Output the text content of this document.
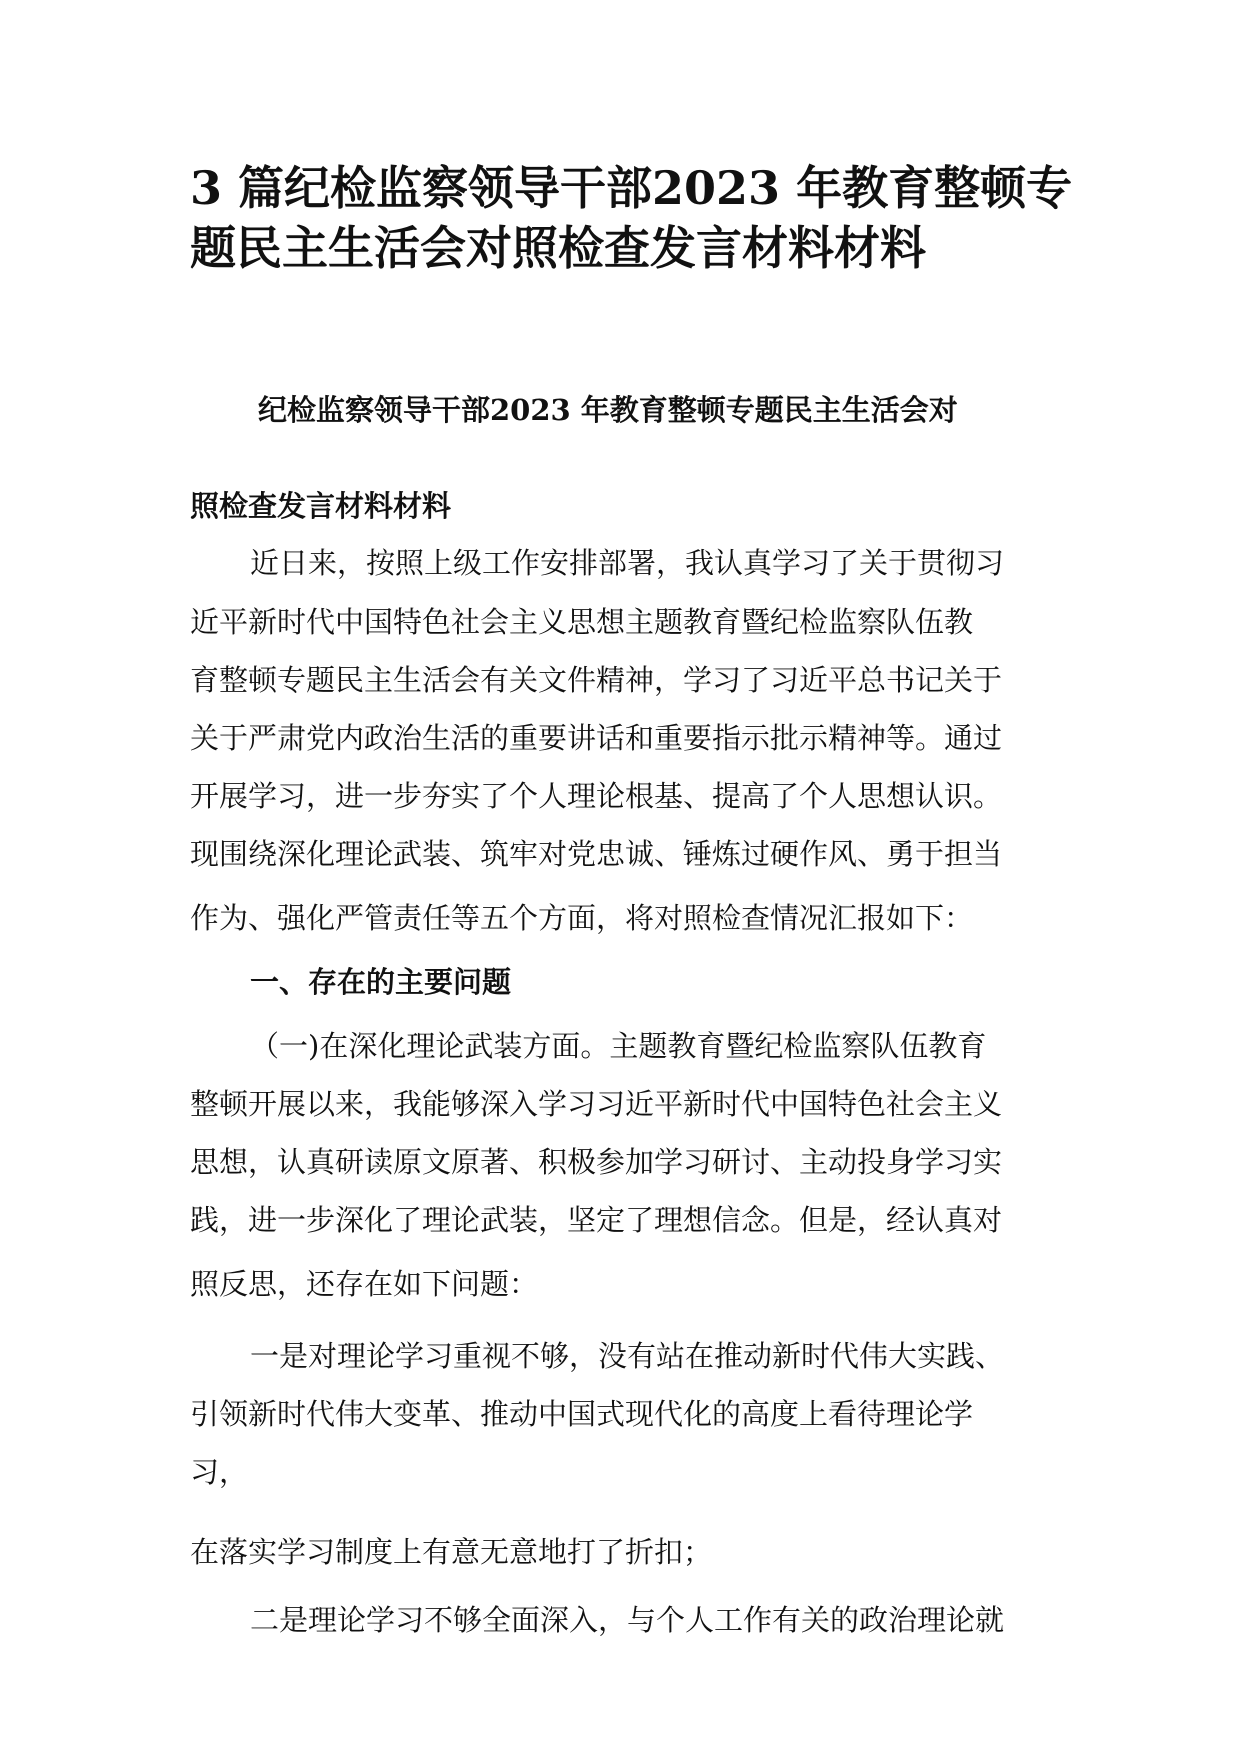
3 篇纪检监察领导干部2023 年教育整顿专
题民主生活会对照检查发言材料材料

纪检监察领导干部2023 年教育整顿专题民主生活会对

照检查发言材料材料

近日来，按照上级工作安排部署，我认真学习了关于贯彻习

近平新时代中国特色社会主义思想主题教育暨纪检监察队伍教

育整顿专题民主生活会有关文件精神，学习了习近平总书记关于

关于严肃党内政治生活的重要讲话和重要指示批示精神等。通过

开展学习，进一步夯实了个人理论根基、提高了个人思想认识。

现围绕深化理论武装、筑牢对党忠诚、锤炼过硬作风、勇于担当

作为、强化严管责任等五个方面，将对照检查情况汇报如下：

一、存在的主要问题

（一)在深化理论武装方面。主题教育暨纪检监察队伍教育

整顿开展以来，我能够深入学习习近平新时代中国特色社会主义

思想，认真研读原文原著、积极参加学习研讨、主动投身学习实

践，进一步深化了理论武装，坚定了理想信念。但是，经认真对

照反思，还存在如下问题：

一是对理论学习重视不够，没有站在推动新时代伟大实践、

引领新时代伟大变革、推动中国式现代化的高度上看待理论学

习，

在落实学习制度上有意无意地打了折扣；

二是理论学习不够全面深入，与个人工作有关的政治理论就
